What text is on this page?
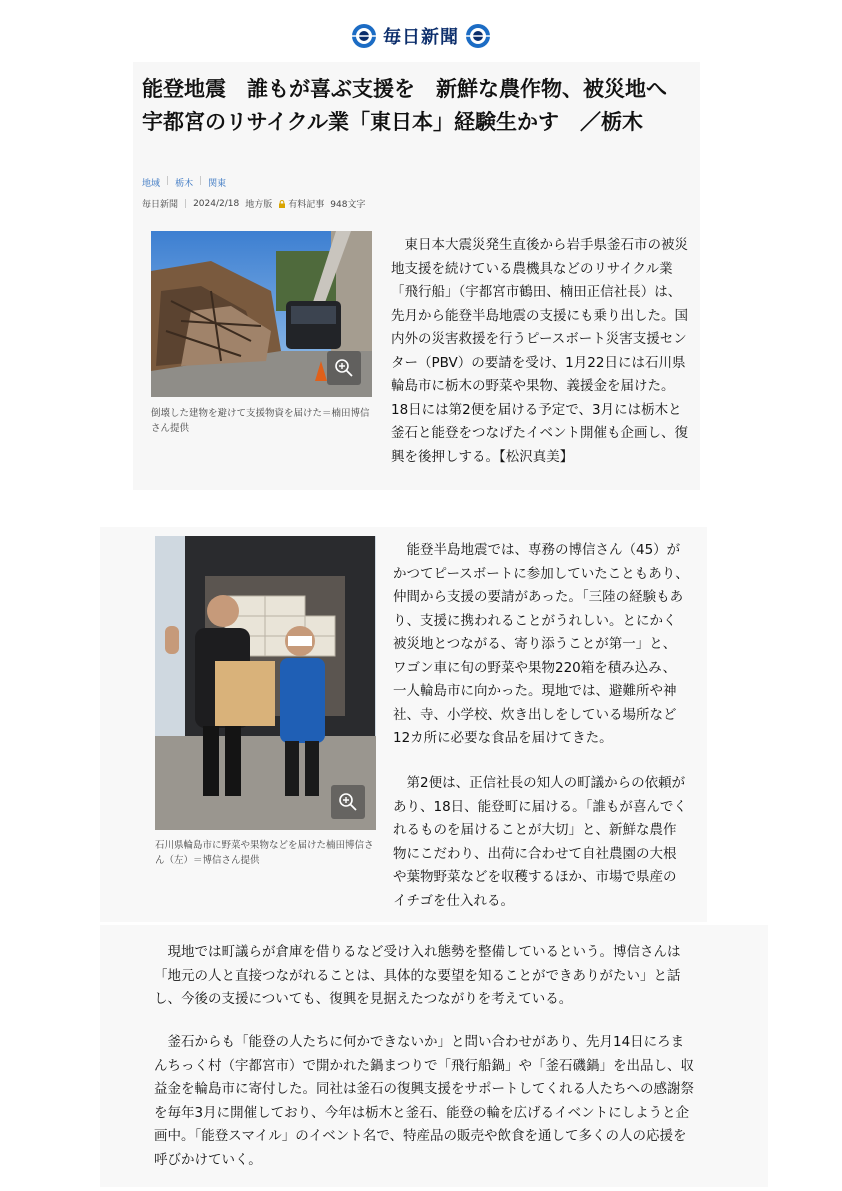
毎日新聞
能登地震　誰もが喜ぶ支援を　新鮮な農作物、被災地へ　宇都宮のリサイクル業「東日本」経験生かす　／栃木
地域 | 栃木 | 関東
毎日新聞 | 2024/2/18 地方版 有料記事 948文字
倒壊した建物を避けて支援物資を届けた＝楠田博信さん提供

東日本大震災発生直後から岩手県釜石市の被災地支援を続けている農機具などのリサイクル業「飛行船」（宇都宮市鶴田、楠田正信社長）は、先月から能登半島地震の支援にも乗り出した。国内外の災害救援を行うピースボート災害支援センター（PBV）の要請を受け、1月22日には石川県輪島市に栃木の野菜や果物、義援金を届けた。18日には第2便を届ける予定で、3月には栃木と釜石と能登をつなげたイベント開催も企画し、復興を後押しする。【松沢真美】

石川県輪島市に野菜や果物などを届けた楠田博信さん（左）＝博信さん提供

能登半島地震では、専務の博信さん（45）がかつてピースボートに参加していたこともあり、仲間から支援の要請があった。「三陸の経験もあり、支援に携われることがうれしい。とにかく被災地とつながる、寄り添うことが第一」と、ワゴン車に旬の野菜や果物220箱を積み込み、一人輪島市に向かった。現地では、避難所や神社、寺、小学校、炊き出しをしている場所など12カ所に必要な食品を届けてきた。

第2便は、正信社長の知人の町議からの依頼があり、18日、能登町に届ける。「誰もが喜んでくれるものを届けることが大切」と、新鮮な農作物にこだわり、出荷に合わせて自社農園の大根や葉物野菜などを収穫するほか、市場で県産のイチゴを仕入れる。

現地では町議らが倉庫を借りるなど受け入れ態勢を整備しているという。博信さんは「地元の人と直接つながれることは、具体的な要望を知ることができありがたい」と話し、今後の支援についても、復興を見据えたつながりを考えている。

釜石からも「能登の人たちに何かできないか」と問い合わせがあり、先月14日にろまんちっく村（宇都宮市）で開かれた鍋まつりで「飛行船鍋」や「釜石磯鍋」を出品し、収益金を輪島市に寄付した。同社は釜石の復興支援をサポートしてくれる人たちへの感謝祭を毎年3月に開催しており、今年は栃木と釜石、能登の輪を広げるイベントにしようと企画中。「能登スマイル」のイベント名で、特産品の販売や飲食を通して多くの人の応援を呼びかけていく。
